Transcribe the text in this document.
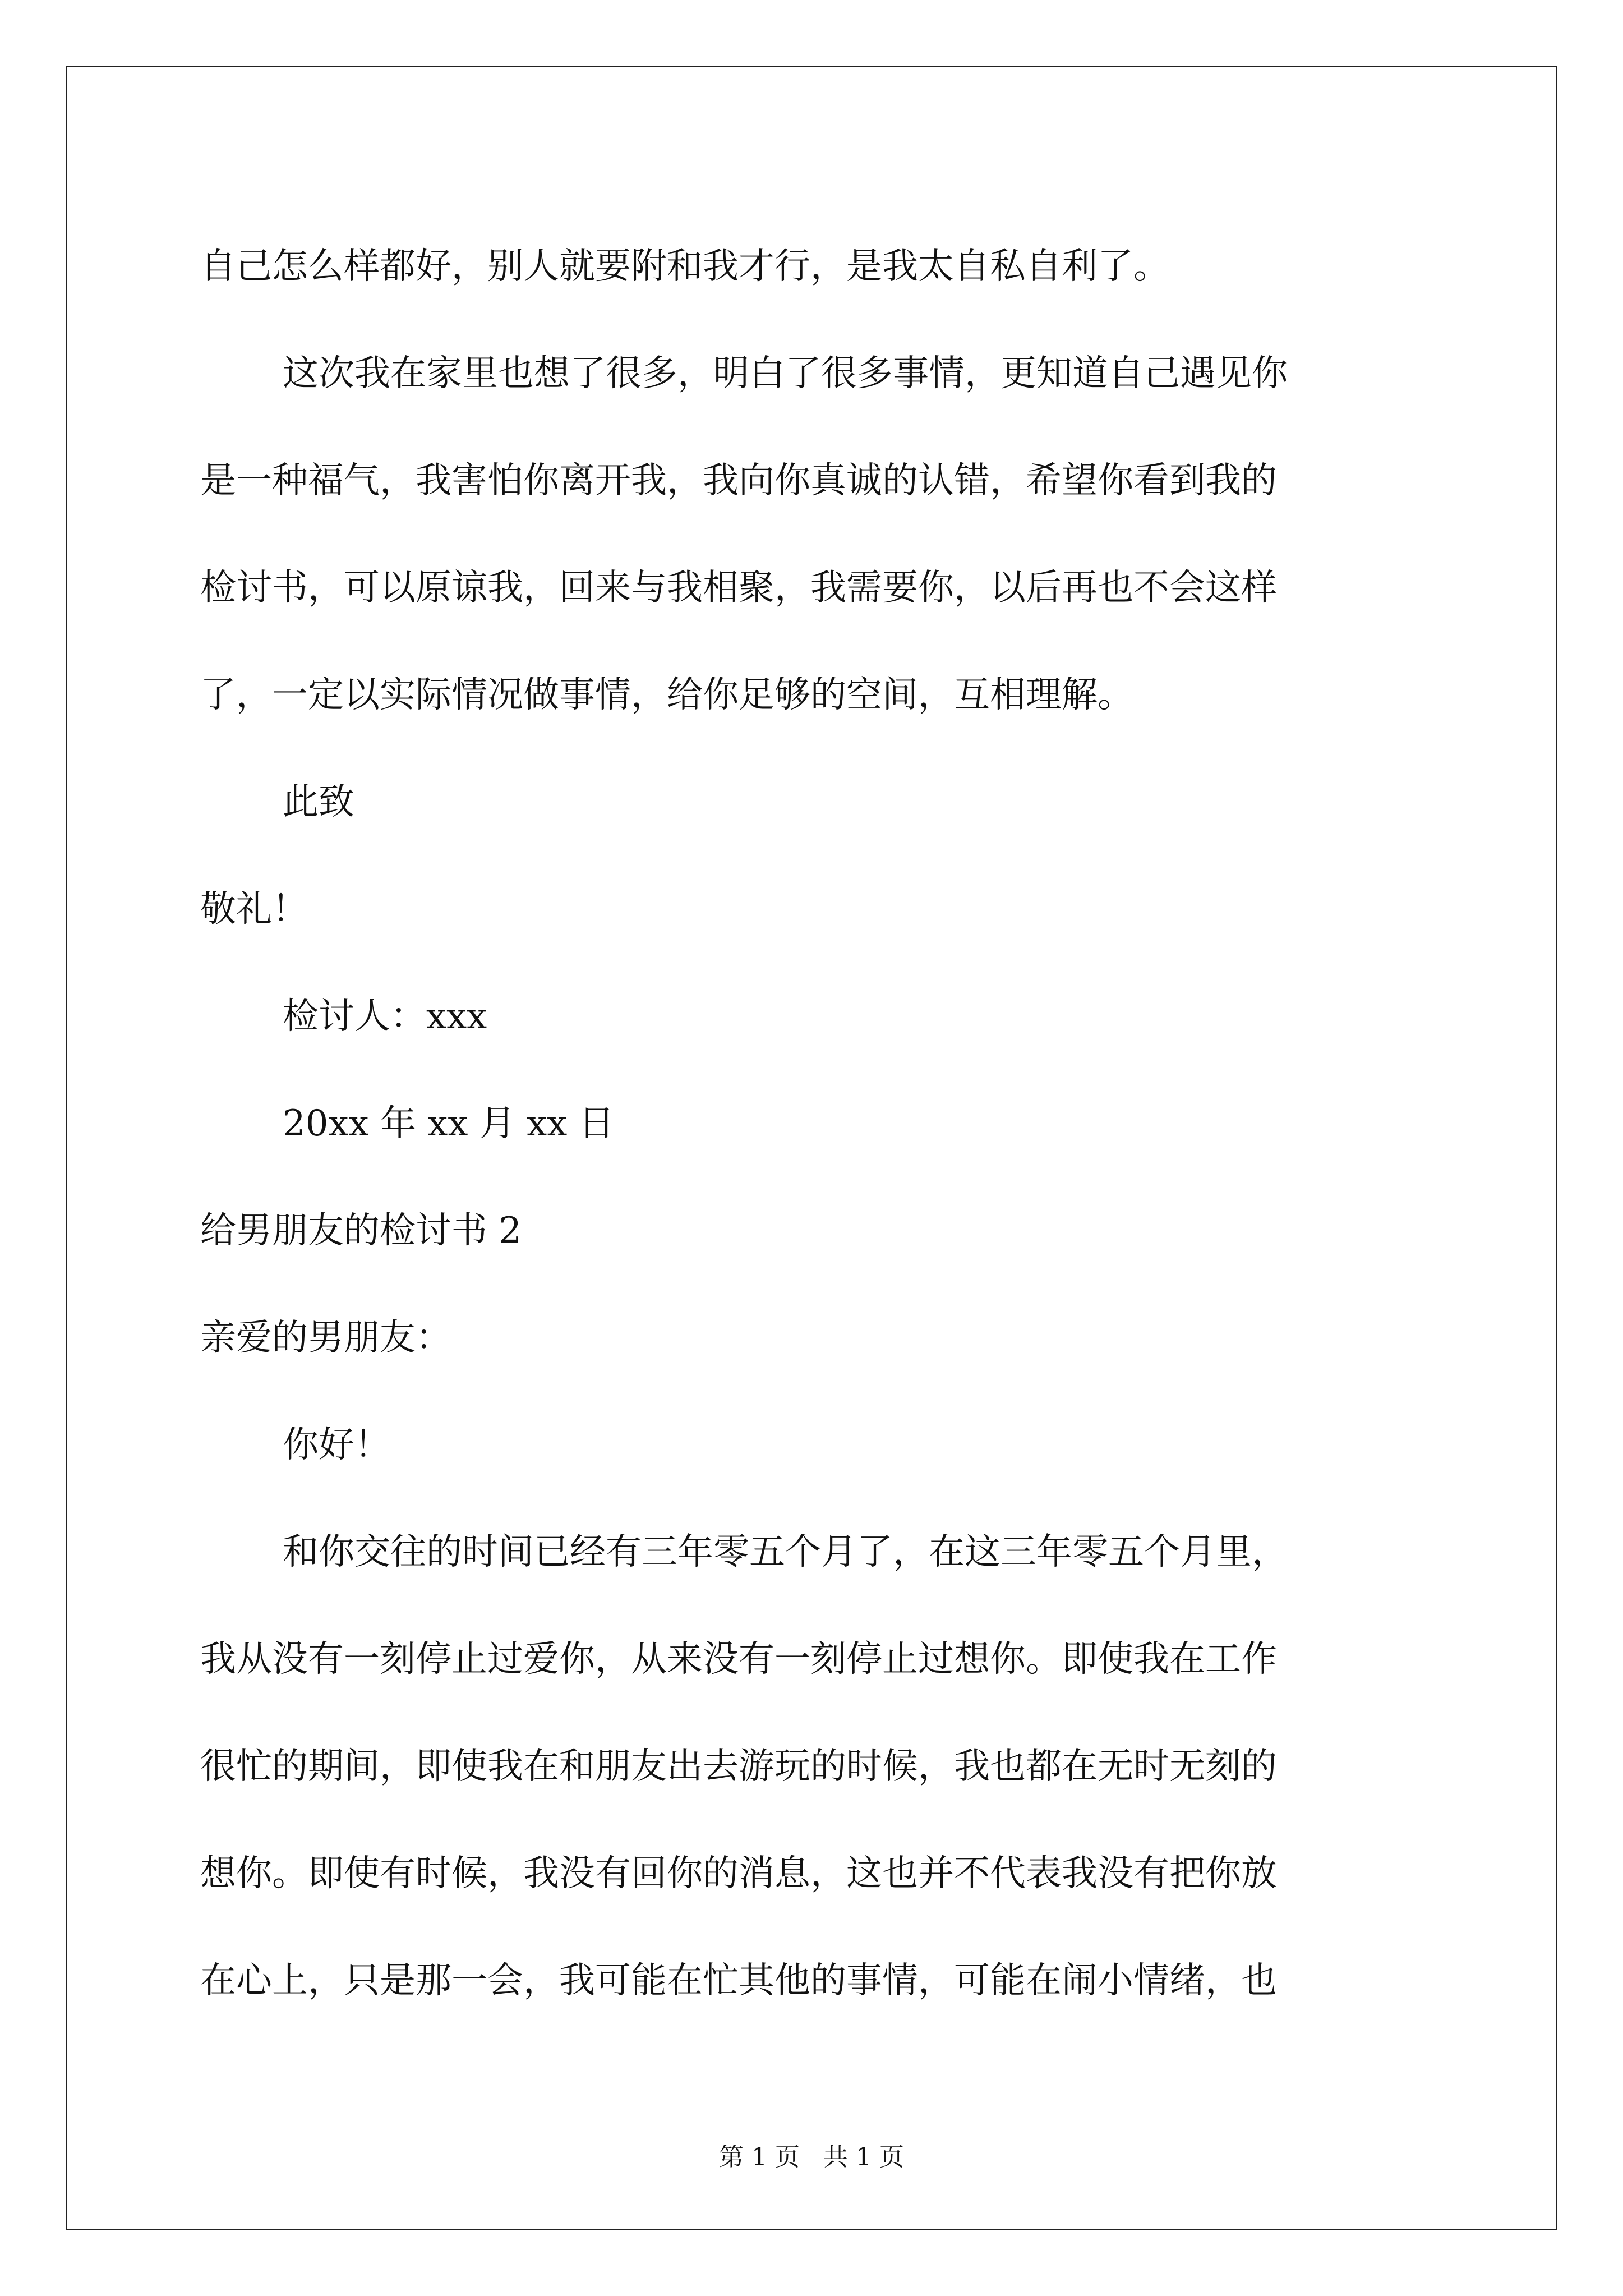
自己怎么样都好，别人就要附和我才行，是我太自私自利了。
这次我在家里也想了很多，明白了很多事情，更知道自己遇见你
是一种福气，我害怕你离开我，我向你真诚的认错，希望你看到我的
检讨书，可以原谅我，回来与我相聚，我需要你，以后再也不会这样
了，一定以实际情况做事情，给你足够的空间，互相理解。
此致
敬礼！
检讨人：xxx
20xx 年 xx 月 xx 日
给男朋友的检讨书 2
亲爱的男朋友：
你好！
和你交往的时间已经有三年零五个月了，在这三年零五个月里，
我从没有一刻停止过爱你，从来没有一刻停止过想你。即使我在工作
很忙的期间，即使我在和朋友出去游玩的时候，我也都在无时无刻的
想你。即使有时候，我没有回你的消息，这也并不代表我没有把你放
在心上，只是那一会，我可能在忙其他的事情，可能在闹小情绪，也
第 1 页   共 1 页
